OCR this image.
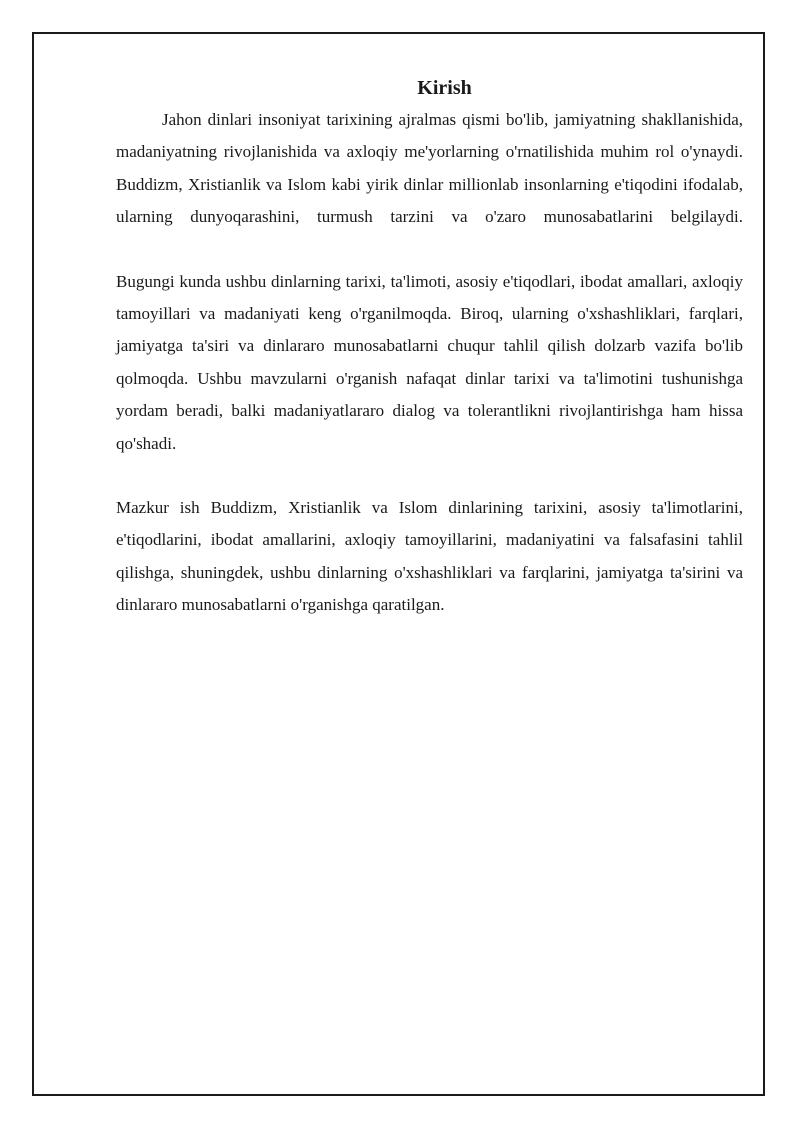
Kirish

Jahon dinlari insoniyat tarixining ajralmas qismi bo'lib, jamiyatning shakllanishida, madaniyatning rivojlanishida va axloqiy me'yorlarning o'rnatilishida muhim rol o'ynaydi. Buddizm, Xristianlik va Islom kabi yirik dinlar millionlab insonlarning e'tiqodini ifodalab, ularning dunyoqarashini, turmush tarzini va o'zaro munosabatlarini belgilaydi.

Bugungi kunda ushbu dinlarning tarixi, ta'limoti, asosiy e'tiqodlari, ibodat amallari, axloqiy tamoyillari va madaniyati keng o'rganilmoqda. Biroq, ularning o'xshashliklari, farqlari, jamiyatga ta'siri va dinlararo munosabatlarni chuqur tahlil qilish dolzarb vazifa bo'lib qolmoqda. Ushbu mavzularni o'rganish nafaqat dinlar tarixi va ta'limotini tushunishga yordam beradi, balki madaniyatlararo dialog va tolerantlikni rivojlantirishga ham hissa qo'shadi.

Mazkur ish Buddizm, Xristianlik va Islom dinlarining tarixini, asosiy ta'limotlarini, e'tiqodlarini, ibodat amallarini, axloqiy tamoyillarini, madaniyatini va falsafasini tahlil qilishga, shuningdek, ushbu dinlarning o'xshashliklari va farqlarini, jamiyatga ta'sirini va dinlararo munosabatlarni o'rganishga qaratilgan.
